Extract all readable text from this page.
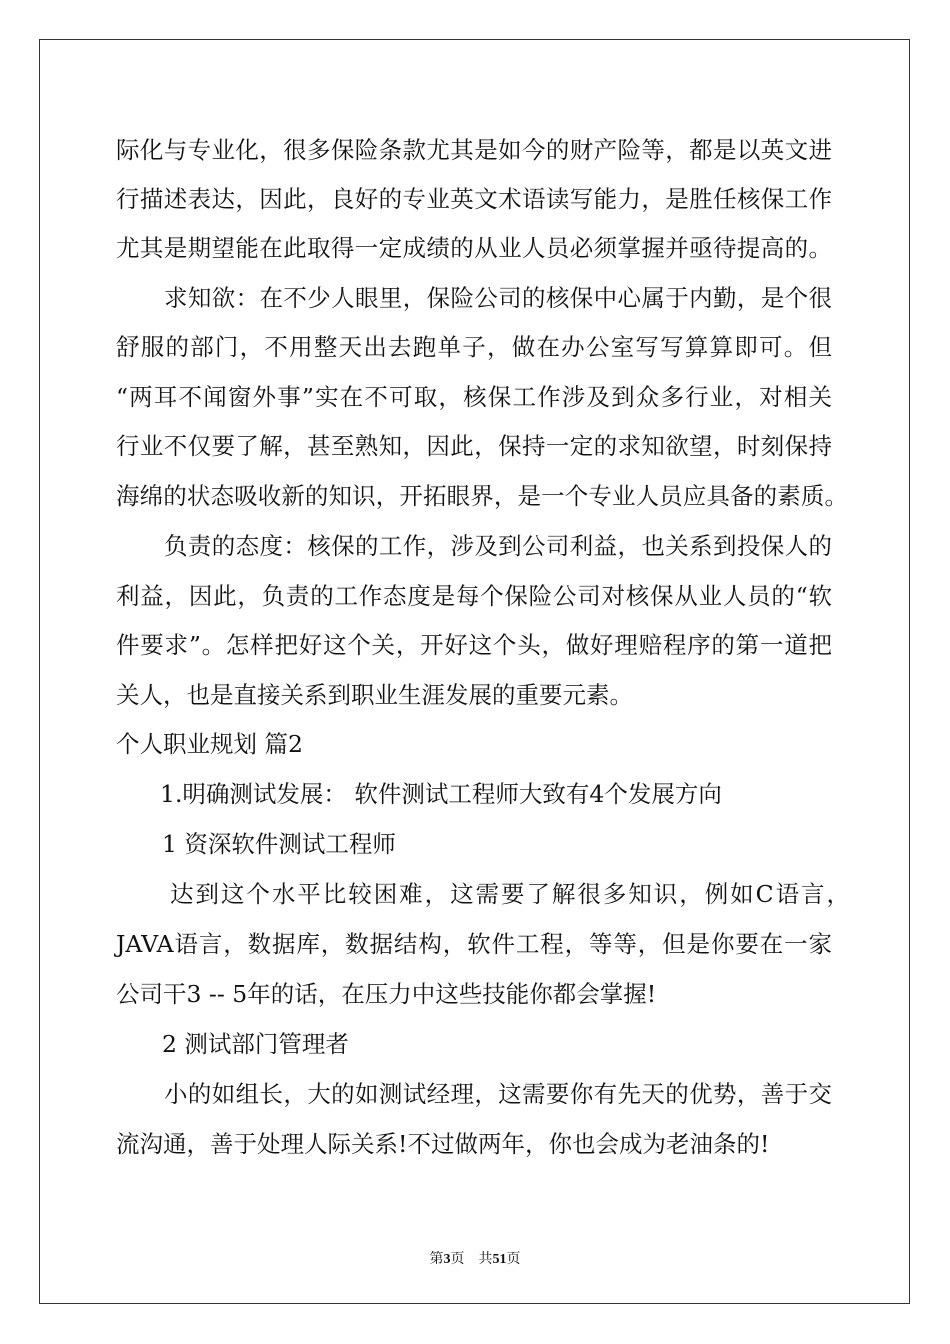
际化与专业化，很多保险条款尤其是如今的财产险等，都是以英文进
行描述表达，因此，良好的专业英文术语读写能力，是胜任核保工作
尤其是期望能在此取得一定成绩的从业人员必须掌握并亟待提高的。
求知欲：在不少人眼里，保险公司的核保中心属于内勤，是个很
舒服的部门，不用整天出去跑单子，做在办公室写写算算即可。但
“两耳不闻窗外事”实在不可取，核保工作涉及到众多行业，对相关
行业不仅要了解，甚至熟知，因此，保持一定的求知欲望，时刻保持
海绵的状态吸收新的知识，开拓眼界，是一个专业人员应具备的素质。
负责的态度：核保的工作，涉及到公司利益，也关系到投保人的
利益，因此，负责的工作态度是每个保险公司对核保从业人员的“软
件要求”。怎样把好这个关，开好这个头，做好理赔程序的第一道把
关人，也是直接关系到职业生涯发展的重要元素。
个人职业规划 篇2
1.明确测试发展： 软件测试工程师大致有4个发展方向
1 资深软件测试工程师
达到这个水平比较困难，这需要了解很多知识，例如C语言，
JAVA语言，数据库，数据结构，软件工程，等等，但是你要在一家
公司干3 -- 5年的话，在压力中这些技能你都会掌握!
2 测试部门管理者
小的如组长，大的如测试经理，这需要你有先天的优势，善于交
流沟通，善于处理人际关系!不过做两年，你也会成为老油条的!
第3页 共51页
